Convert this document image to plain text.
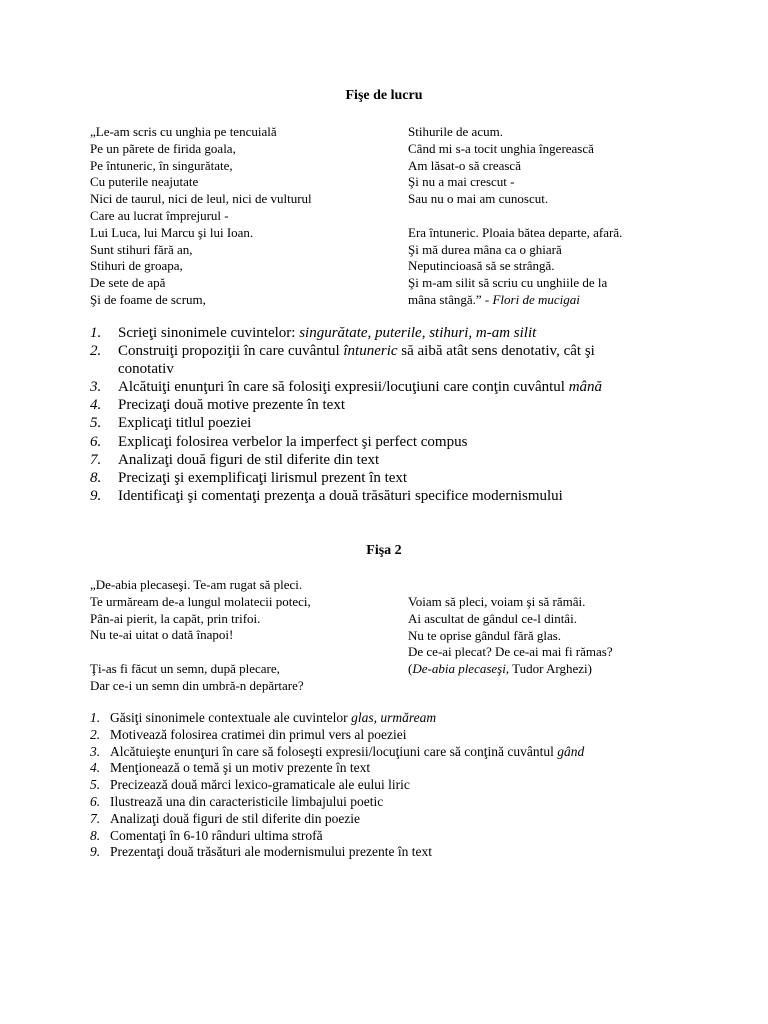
Fişe de lucru
„Le-am scris cu unghia pe tencuială
Pe un pãrete de firida goala,
Pe întuneric, în singurătate,
Cu puterile neajutate
Nici de taurul, nici de leul, nici de vulturul
Care au lucrat împrejurul -
Lui Luca, lui Marcu şi lui Ioan.
Sunt stihuri fără an,
Stihuri de groapa,
De sete de apă
Şi de foame de scrum,
Stihurile de acum.
Când mi s-a tocit unghia îngerească
Am lăsat-o să crească
Şi nu a mai crescut -
Sau nu o mai am cunoscut.
Era întuneric. Ploaia bătea departe, afară.
Şi mă durea mâna ca o ghiară
Neputincioasă să se strângă.
Şi m-am silit să scriu cu unghiile de la
mâna stângă.” - Flori de mucigai
1. Scrieţi sinonimele cuvintelor: singurătate, puterile, stihuri, m-am silit
2. Construiţi propoziţii în care cuvântul întuneric să aibă atât sens denotativ, cât şi
conotativ
3. Alcătuiţi enunţuri în care să folosiţi expresii/locuţiuni care conţin cuvântul mână
4. Precizaţi două motive prezente în text
5. Explicaţi titlul poeziei
6. Explicaţi folosirea verbelor la imperfect şi perfect compus
7. Analizaţi două figuri de stil diferite din text
8. Precizaţi şi exemplificaţi lirismul prezent în text
9. Identificaţi şi comentaţi prezenţa a două trăsături specifice modernismului
Fişa 2
„De-abia plecaseşi. Te-am rugat să pleci.
Te urmăream de-a lungul molatecii poteci,
Pân-ai pierit, la capăt, prin trifoi.
Nu te-ai uitat o dată înapoi!
Ţi-as fi făcut un semn, după plecare,
Dar ce-i un semn din umbră-n depărtare?
Voiam să pleci, voiam şi să rămâi.
Ai ascultat de gândul ce-l dintâi.
Nu te oprise gândul fără glas.
De ce-ai plecat? De ce-ai mai fi rămas?
(De-abia plecaseşi, Tudor Arghezi)
1. Găsiţi sinonimele contextuale ale cuvintelor glas, urmăream
2. Motivează folosirea cratimei din primul vers al poeziei
3. Alcătuieşte enunţuri în care să foloseşti expresii/locuţiuni care să conţină cuvântul gând
4. Menţionează o temă şi un motiv prezente în text
5. Precizează două mărci lexico-gramaticale ale eului liric
6. Ilustrează una din caracteristicile limbajului poetic
7. Analizaţi două figuri de stil diferite din poezie
8. Comentaţi în 6-10 rânduri ultima strofă
9. Prezentaţi două trăsături ale modernismului prezente în text
